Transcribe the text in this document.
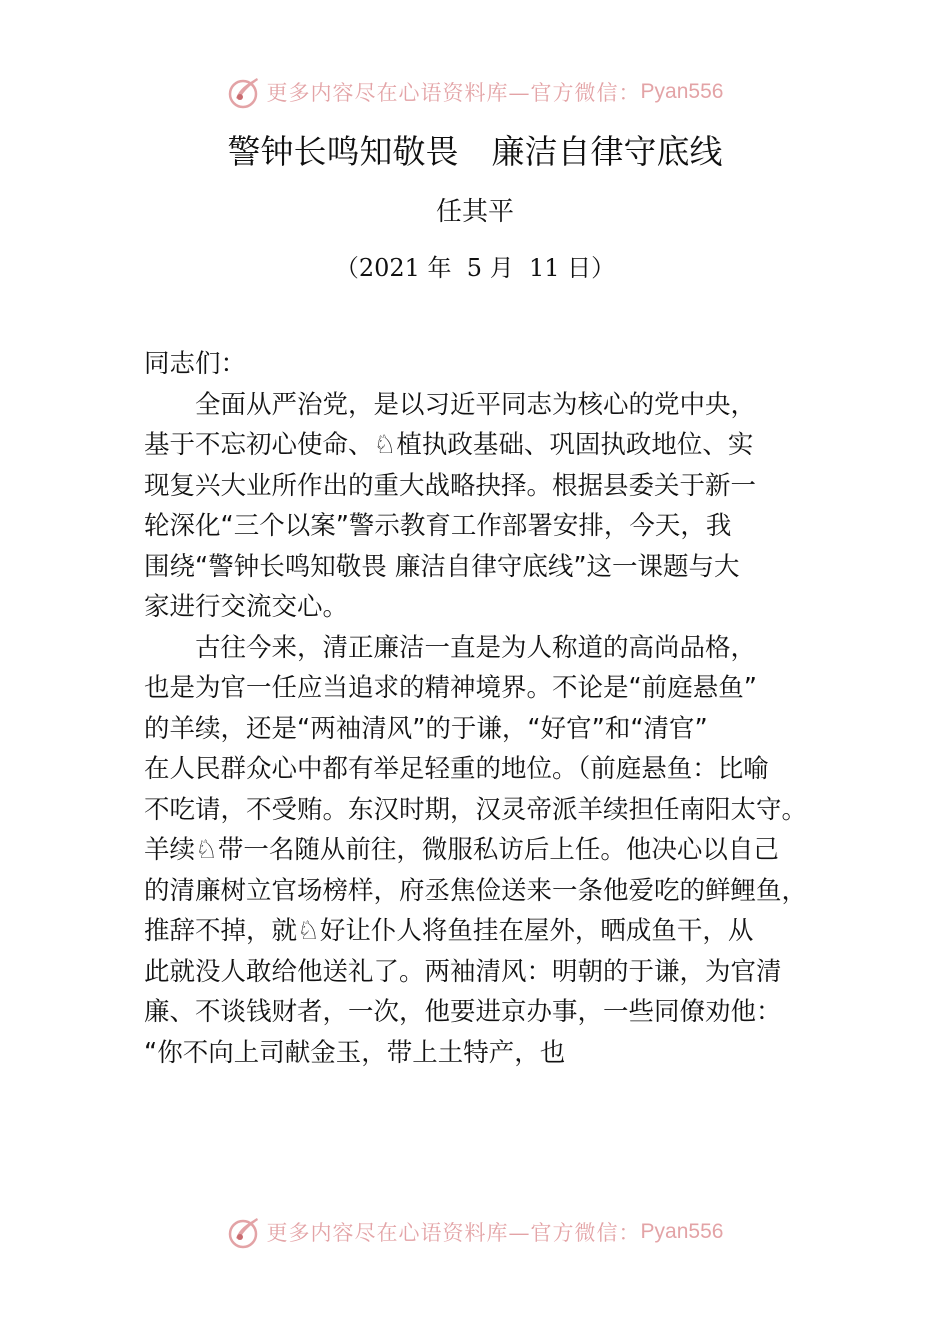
更多内容尽在心语资料库—官方微信： Pyan556
警钟长鸣知敬畏　廉洁自律守底线
任其平
（2021 年  5 月  11 日）
同志们：
　　全面从严治党，是以习近平同志为核心的党中央，
基于不忘初心使命、♘植执政基础、巩固执政地位、实
现复兴大业所作出的重大战略抉择。根据县委关于新一
轮深化“三个以案”警示教育工作部署安排，今天，我
围绕“警钟长鸣知敬畏 廉洁自律守底线”这一课题与大
家进行交流交心。
　　古往今来，清正廉洁一直是为人称道的高尚品格，
也是为官一任应当追求的精神境界。不论是“前庭悬鱼”
的羊续，还是“两袖清风”的于谦，“好官”和“清官”
在人民群众心中都有举足轻重的地位。（前庭悬鱼：比喻
不吃请，不受贿。东汉时期，汉灵帝派羊续担任南阳太守。
羊续♘带一名随从前往，微服私访后上任。他决心以自己
的清廉树立官场榜样，府丞焦俭送来一条他爱吃的鲜鲤鱼，
推辞不掉，就♘好让仆人将鱼挂在屋外，晒成鱼干，从
此就没人敢给他送礼了。两袖清风：明朝的于谦，为官清
廉、不谈钱财者，一次，他要进京办事，一些同僚劝他：
“你不向上司献金玉，带上土特产，也
更多内容尽在心语资料库—官方微信： Pyan556
